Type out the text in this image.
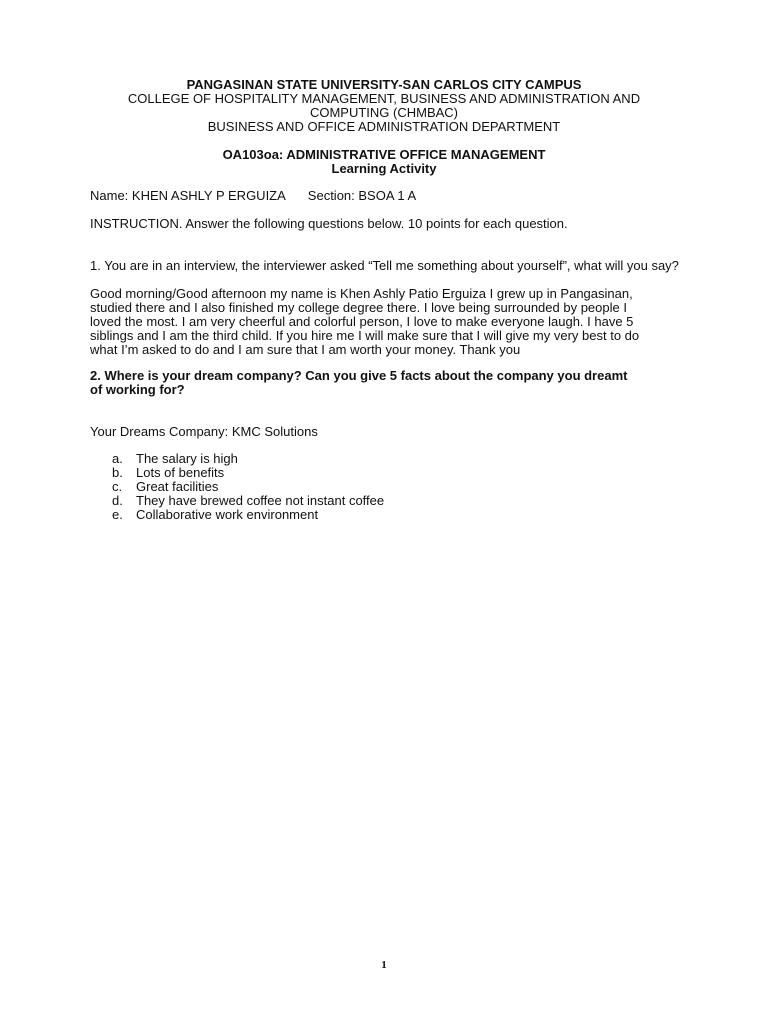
PANGASINAN STATE UNIVERSITY-SAN CARLOS CITY CAMPUS
COLLEGE OF HOSPITALITY MANAGEMENT, BUSINESS AND ADMINISTRATION AND
COMPUTING (CHMBAC)
BUSINESS AND OFFICE ADMINISTRATION DEPARTMENT
OA103oa: ADMINISTRATIVE OFFICE MANAGEMENT
Learning Activity
Name: KHEN ASHLY P ERGUIZA Section: BSOA 1 A
INSTRUCTION. Answer the following questions below. 10 points for each question.
1. You are in an interview, the interviewer asked “Tell me something about yourself”, what will you say?
Good morning/Good afternoon my name is Khen Ashly Patio Erguiza I grew up in Pangasinan,
studied there and I also finished my college degree there. I love being surrounded by people I
loved the most. I am very cheerful and colorful person, I love to make everyone laugh. I have 5
siblings and I am the third child. If you hire me I will make sure that I will give my very best to do
what I’m asked to do and I am sure that I am worth your money. Thank you
2. Where is your dream company? Can you give 5 facts about the company you dreamt
of working for?
Your Dreams Company: KMC Solutions
a. The salary is high
b. Lots of benefits
c. Great facilities
d. They have brewed coffee not instant coffee
e. Collaborative work environment
1
